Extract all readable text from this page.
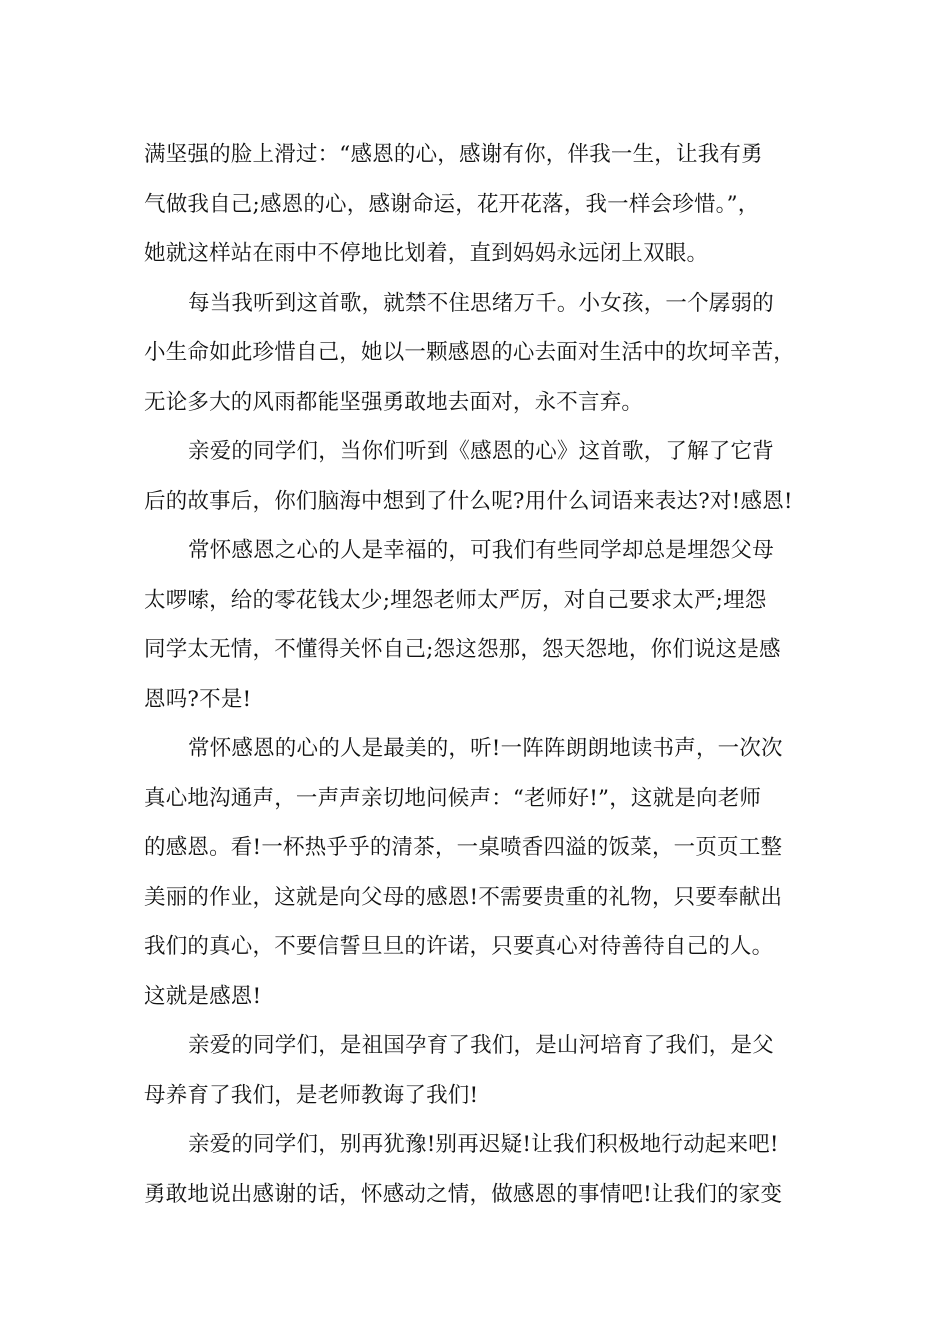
满坚强的脸上滑过：“感恩的心，感谢有你，伴我一生，让我有勇
气做我自己;感恩的心，感谢命运，花开花落，我一样会珍惜。”，
她就这样站在雨中不停地比划着，直到妈妈永远闭上双眼。
每当我听到这首歌，就禁不住思绪万千。小女孩，一个孱弱的
小生命如此珍惜自己，她以一颗感恩的心去面对生活中的坎坷辛苦，
无论多大的风雨都能坚强勇敢地去面对，永不言弃。
亲爱的同学们，当你们听到《感恩的心》这首歌，了解了它背
后的故事后，你们脑海中想到了什么呢?用什么词语来表达?对!感恩!
常怀感恩之心的人是幸福的，可我们有些同学却总是埋怨父母
太啰嗦，给的零花钱太少;埋怨老师太严厉，对自己要求太严;埋怨
同学太无情，不懂得关怀自己;怨这怨那，怨天怨地，你们说这是感
恩吗?不是!
常怀感恩的心的人是最美的，听!一阵阵朗朗地读书声，一次次
真心地沟通声，一声声亲切地问候声：“老师好!”，这就是向老师
的感恩。看!一杯热乎乎的清茶，一桌喷香四溢的饭菜，一页页工整
美丽的作业，这就是向父母的感恩!不需要贵重的礼物，只要奉献出
我们的真心，不要信誓旦旦的许诺，只要真心对待善待自己的人。
这就是感恩!
亲爱的同学们，是祖国孕育了我们，是山河培育了我们，是父
母养育了我们，是老师教诲了我们!
亲爱的同学们，别再犹豫!别再迟疑!让我们积极地行动起来吧!
勇敢地说出感谢的话，怀感动之情，做感恩的事情吧!让我们的家变
